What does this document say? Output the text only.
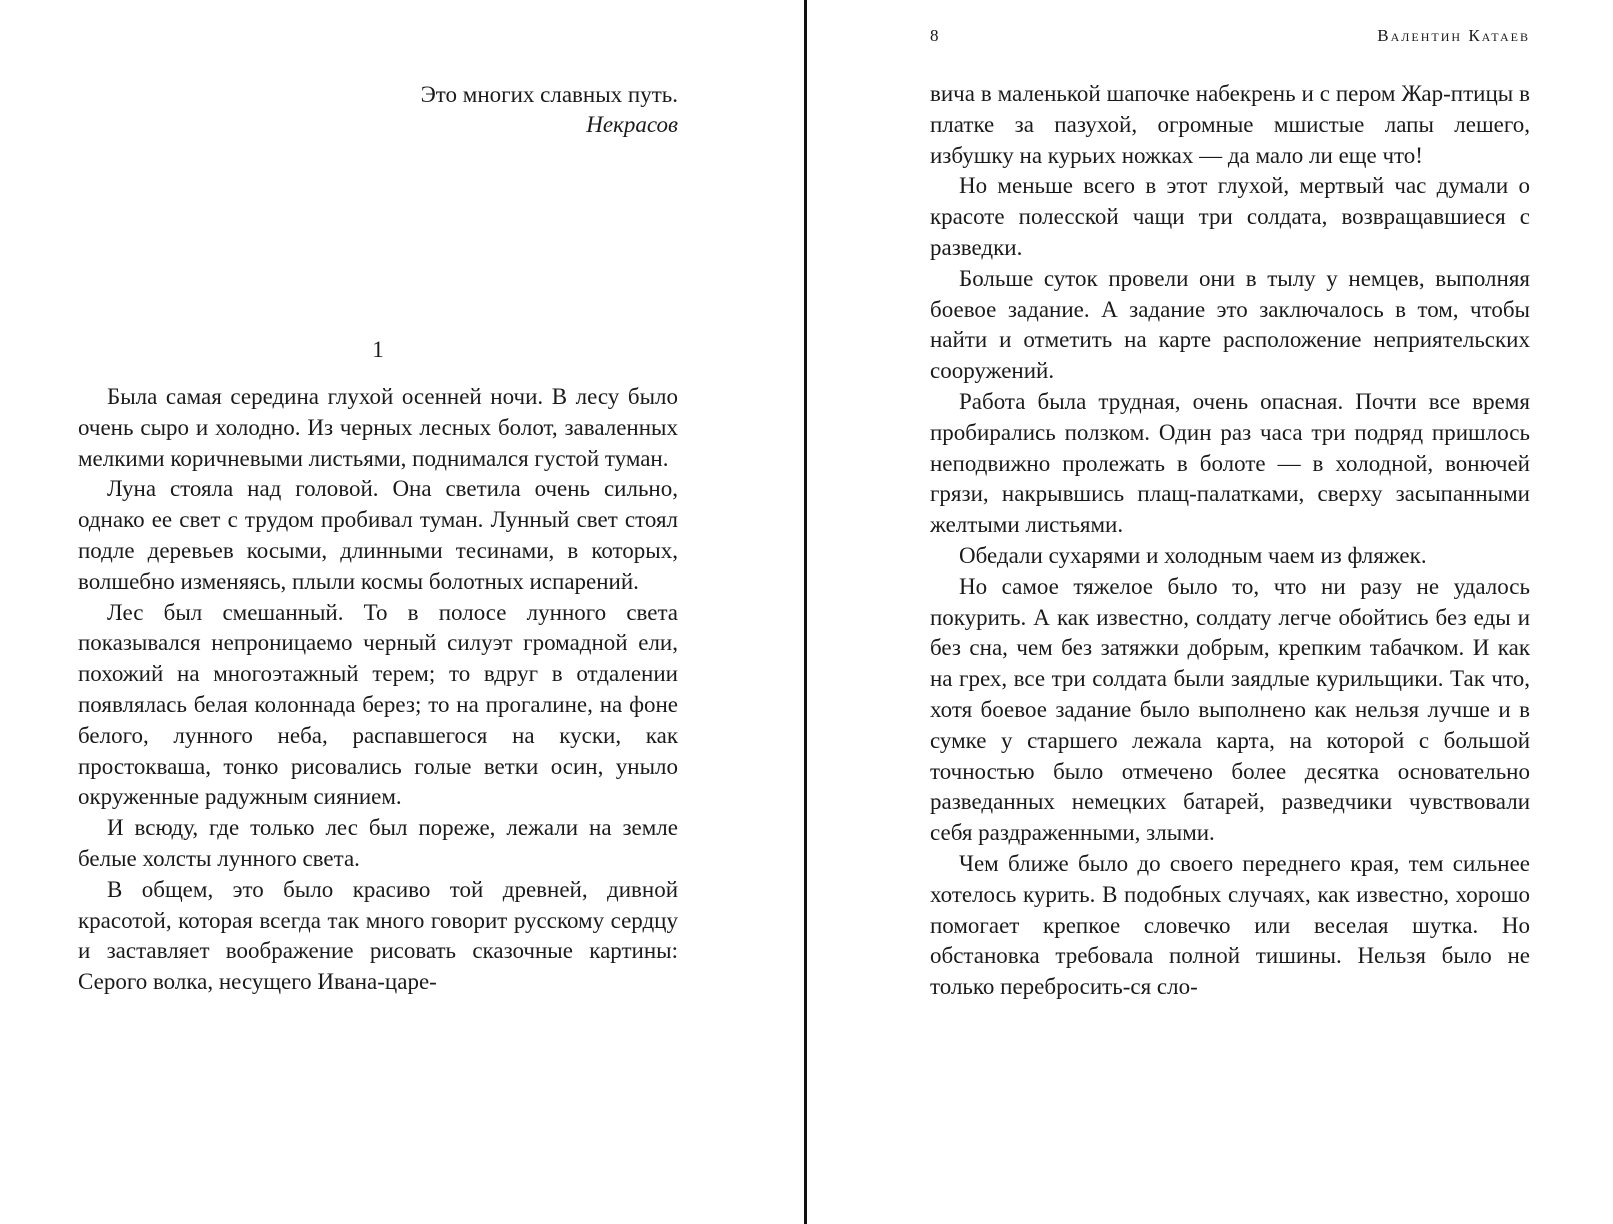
Это многих славных путь.
Некрасов
1

Была самая середина глухой осенней ночи. В лесу было очень сыро и холодно. Из черных лесных болот, заваленных мелкими коричневыми листьями, поднимался густой туман.

Луна стояла над головой. Она светила очень сильно, однако ее свет с трудом пробивал туман. Лунный свет стоял подле деревьев косыми, длинными тесинами, в которых, волшебно изменяясь, плыли космы болотных испарений.

Лес был смешанный. То в полосе лунного света показывался непроницаемо черный силуэт громадной ели, похожий на многоэтажный терем; то вдруг в отдалении появлялась белая колоннада берез; то на прогалине, на фоне белого, лунного неба, распавшегося на куски, как простокваша, тонко рисовались голые ветки осин, уныло окруженные радужным сиянием.

И всюду, где только лес был пореже, лежали на земле белые холсты лунного света.

В общем, это было красиво той древней, дивной красотой, которая всегда так много говорит русскому сердцу и заставляет воображение рисовать сказочные картины: Серого волка, несущего Ивана-царе-

8	Валентин Катаев

вича в маленькой шапочке набекрень и с пером Жар-птицы в платке за пазухой, огромные мшистые лапы лешего, избушку на курьих ножках — да мало ли еще что!

Но меньше всего в этот глухой, мертвый час думали о красоте полесской чащи три солдата, возвращавшиеся с разведки.

Больше суток провели они в тылу у немцев, выполняя боевое задание. А задание это заключалось в том, чтобы найти и отметить на карте расположение неприятельских сооружений.

Работа была трудная, очень опасная. Почти все время пробирались ползком. Один раз часа три подряд пришлось неподвижно пролежать в болоте — в холодной, вонючей грязи, накрывшись плащ-палатками, сверху засыпанными желтыми листьями.

Обедали сухарями и холодным чаем из фляжек.

Но самое тяжелое было то, что ни разу не удалось покурить. А как известно, солдату легче обойтись без еды и без сна, чем без затяжки добрым, крепким табачком. И как на грех, все три солдата были заядлые курильщики. Так что, хотя боевое задание было выполнено как нельзя лучше и в сумке у старшего лежала карта, на которой с большой точностью было отмечено более десятка основательно разведанных немецких батарей, разведчики чувствовали себя раздраженными, злыми.

Чем ближе было до своего переднего края, тем сильнее хотелось курить. В подобных случаях, как известно, хорошо помогает крепкое словечко или веселая шутка. Но обстановка требовала полной тишины. Нельзя было не только перебросить-ся сло-
